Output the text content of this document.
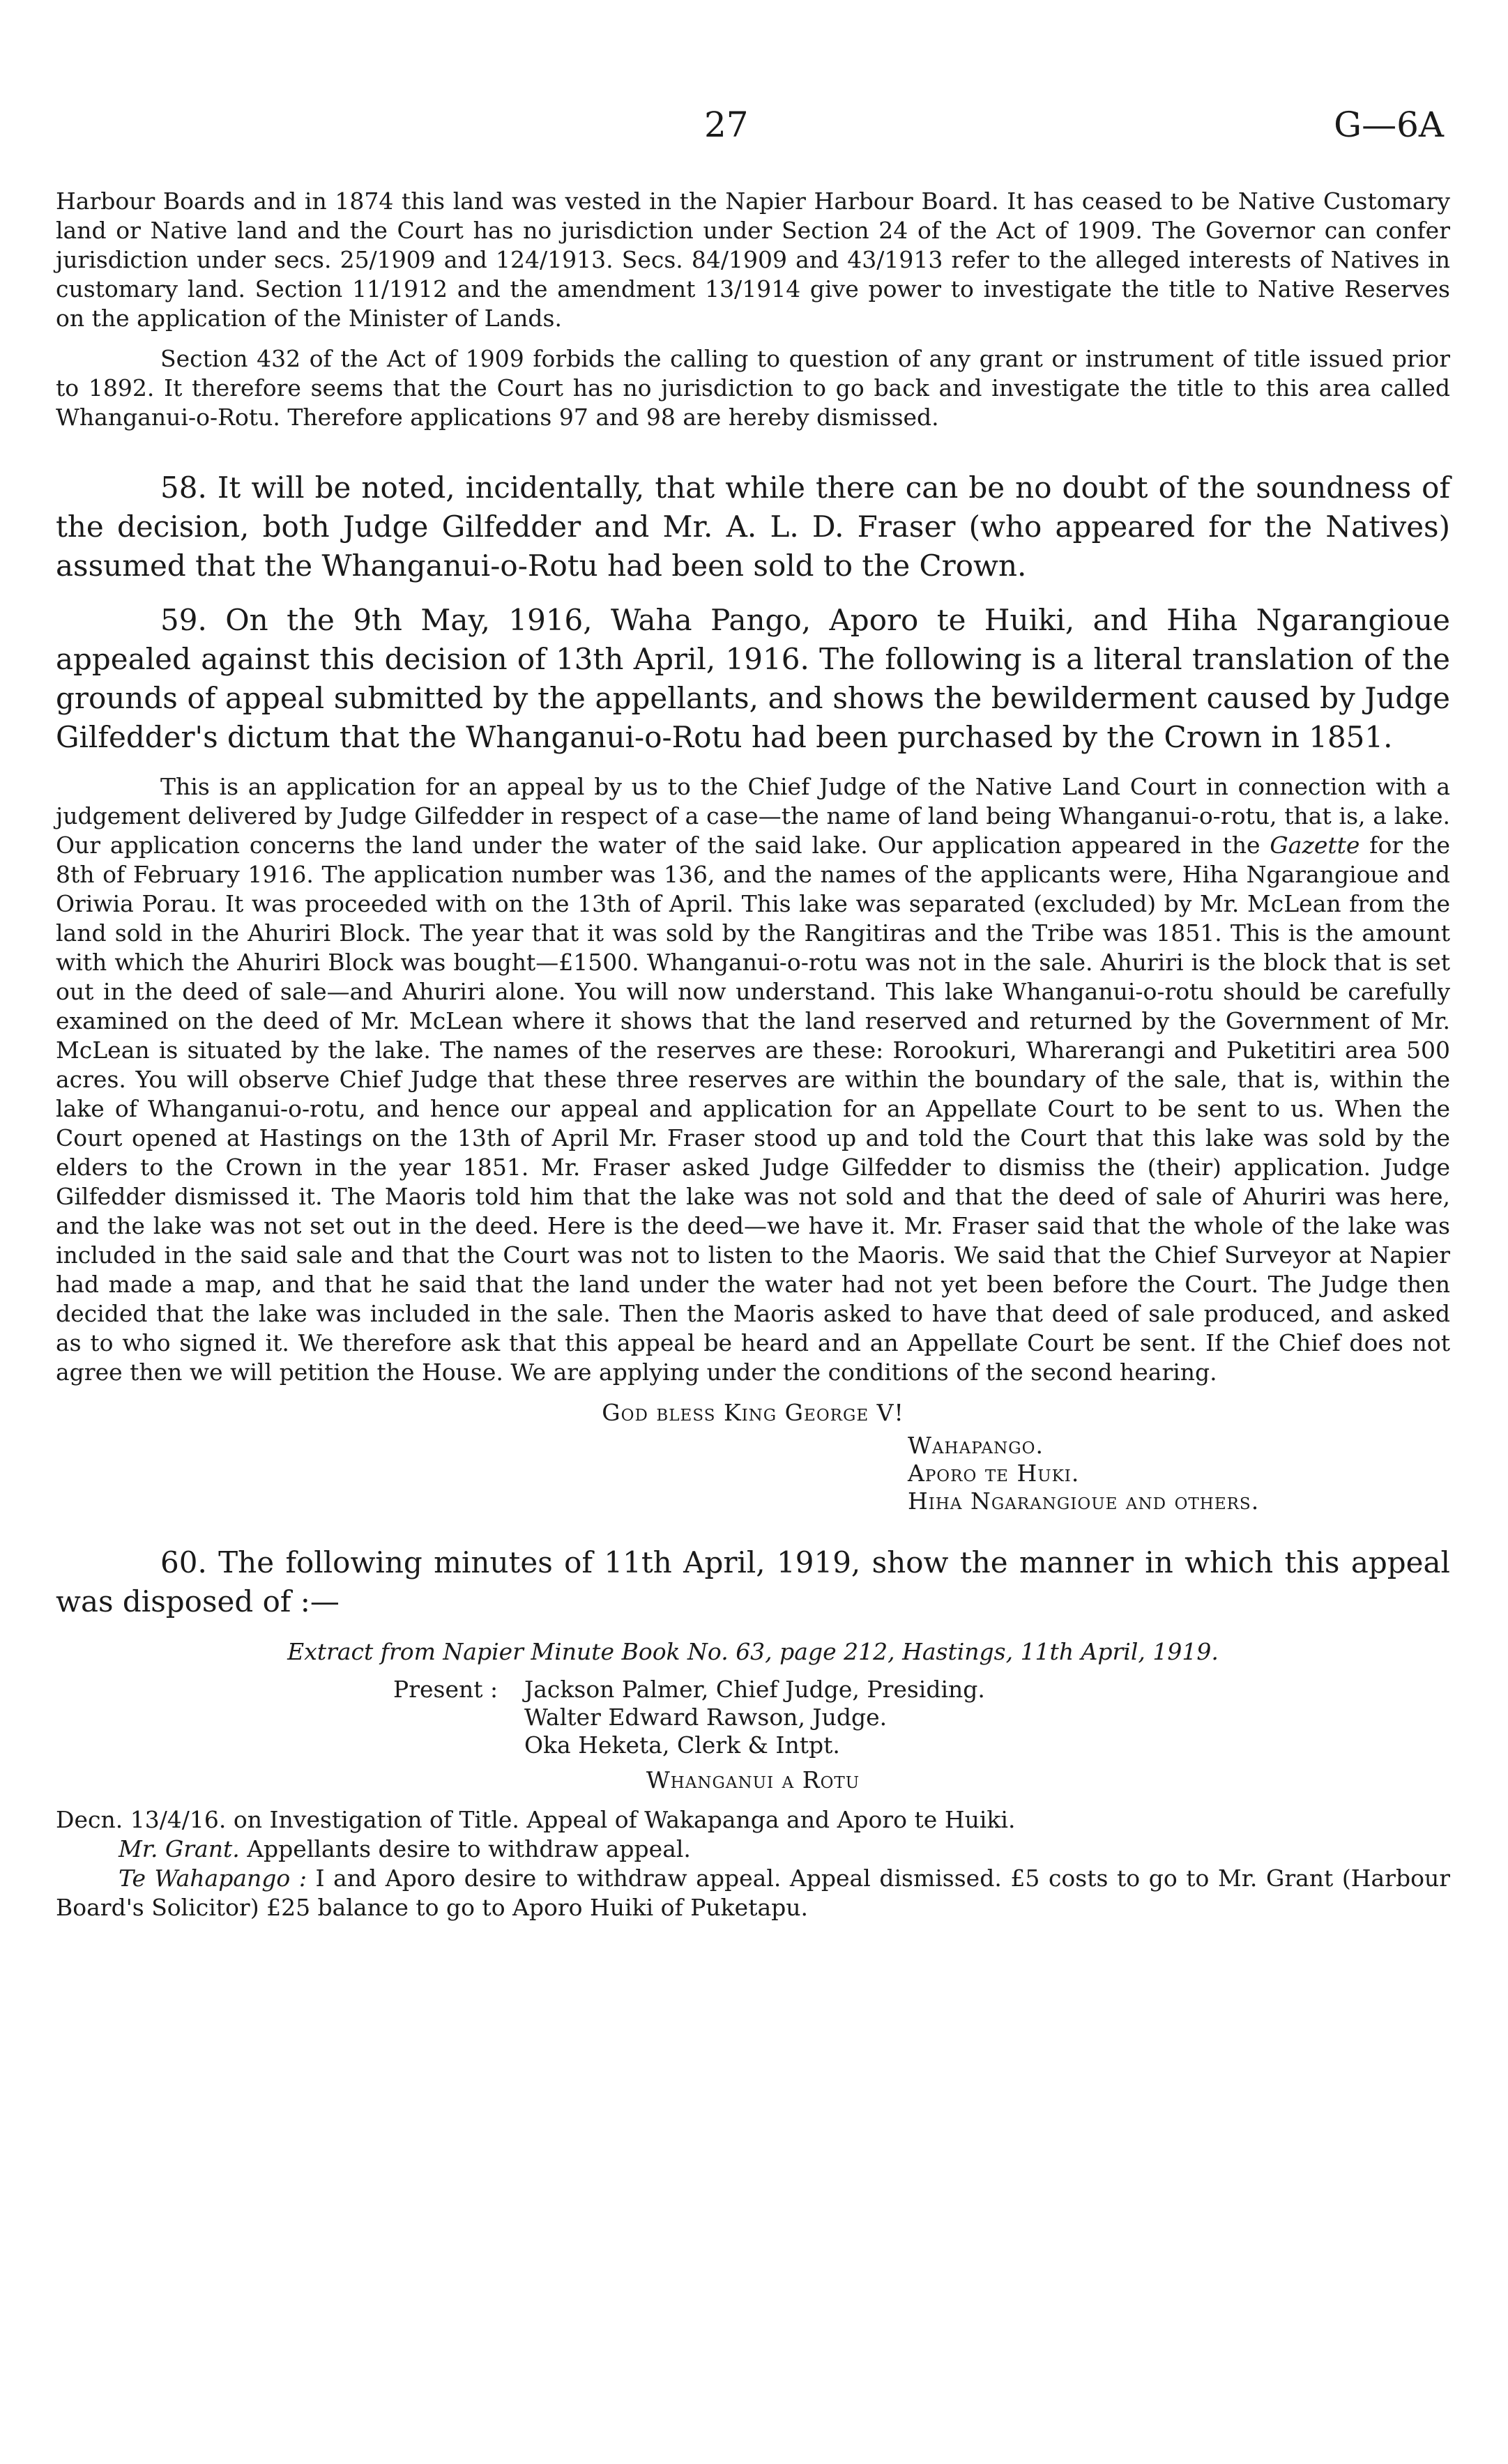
27	G—6A

Harbour Boards and in 1874 this land was vested in the Napier Harbour Board. It has ceased to be Native Customary land or Native land and the Court has no jurisdiction under Section 24 of the Act of 1909. The Governor can confer jurisdiction under secs. 25/1909 and 124/1913. Secs. 84/1909 and 43/1913 refer to the alleged interests of Natives in customary land. Section 11/1912 and the amendment 13/1914 give power to investigate the title to Native Reserves on the application of the Minister of Lands.

Section 432 of the Act of 1909 forbids the calling to question of any grant or instrument of title issued prior to 1892. It therefore seems that the Court has no jurisdiction to go back and investigate the title to this area called Whanganui-o-Rotu. Therefore applications 97 and 98 are hereby dismissed.

58. It will be noted, incidentally, that while there can be no doubt of the soundness of the decision, both Judge Gilfedder and Mr. A. L. D. Fraser (who appeared for the Natives) assumed that the Whanganui-o-Rotu had been sold to the Crown.

59. On the 9th May, 1916, Waha Pango, Aporo te Huiki, and Hiha Ngarangioue appealed against this decision of 13th April, 1916. The following is a literal translation of the grounds of appeal submitted by the appellants, and shows the bewilderment caused by Judge Gilfedder's dictum that the Whanganui-o-Rotu had been purchased by the Crown in 1851.

This is an application for an appeal by us to the Chief Judge of the Native Land Court in connection with a judgement delivered by Judge Gilfedder in respect of a case—the name of land being Whanganui-o-rotu, that is, a lake. Our application concerns the land under the water of the said lake. Our application appeared in the Gazette for the 8th of February 1916. The application number was 136, and the names of the applicants were, Hiha Ngarangioue and Oriwia Porau. It was proceeded with on the 13th of April. This lake was separated (excluded) by Mr. McLean from the land sold in the Ahuriri Block. The year that it was sold by the Rangitiras and the Tribe was 1851. This is the amount with which the Ahuriri Block was bought—£1500. Whanganui-o-rotu was not in the sale. Ahuriri is the block that is set out in the deed of sale—and Ahuriri alone. You will now understand. This lake Whanganui-o-rotu should be carefully examined on the deed of Mr. McLean where it shows that the land reserved and returned by the Government of Mr. McLean is situated by the lake. The names of the reserves are these: Rorookuri, Wharerangi and Puketitiri area 500 acres. You will observe Chief Judge that these three reserves are within the boundary of the sale, that is, within the lake of Whanganui-o-rotu, and hence our appeal and application for an Appellate Court to be sent to us. When the Court opened at Hastings on the 13th of April Mr. Fraser stood up and told the Court that this lake was sold by the elders to the Crown in the year 1851. Mr. Fraser asked Judge Gilfedder to dismiss the (their) application. Judge Gilfedder dismissed it. The Maoris told him that the lake was not sold and that the deed of sale of Ahuriri was here, and the lake was not set out in the deed. Here is the deed—we have it. Mr. Fraser said that the whole of the lake was included in the said sale and that the Court was not to listen to the Maoris. We said that the Chief Surveyor at Napier had made a map, and that he said that the land under the water had not yet been before the Court. The Judge then decided that the lake was included in the sale. Then the Maoris asked to have that deed of sale produced, and asked as to who signed it. We therefore ask that this appeal be heard and an Appellate Court be sent. If the Chief does not agree then we will petition the House. We are applying under the conditions of the second hearing.

God bless King George V!
Wahapango.
Aporo te Huki.
Hiha Ngarangioue and others.

60. The following minutes of 11th April, 1919, show the manner in which this appeal was disposed of :—

Extract from Napier Minute Book No. 63, page 212, Hastings, 11th April, 1919.
Present :	Jackson Palmer, Chief Judge, Presiding.
Walter Edward Rawson, Judge.
Oka Heketa, Clerk & Intpt.
Whanganui a Rotu

Decn. 13/4/16. on Investigation of Title. Appeal of Wakapanga and Aporo te Huiki.

Mr. Grant. Appellants desire to withdraw appeal.

Te Wahapango : I and Aporo desire to withdraw appeal. Appeal dismissed. £5 costs to go to Mr. Grant (Harbour Board's Solicitor) £25 balance to go to Aporo Huiki of Puketapu.
